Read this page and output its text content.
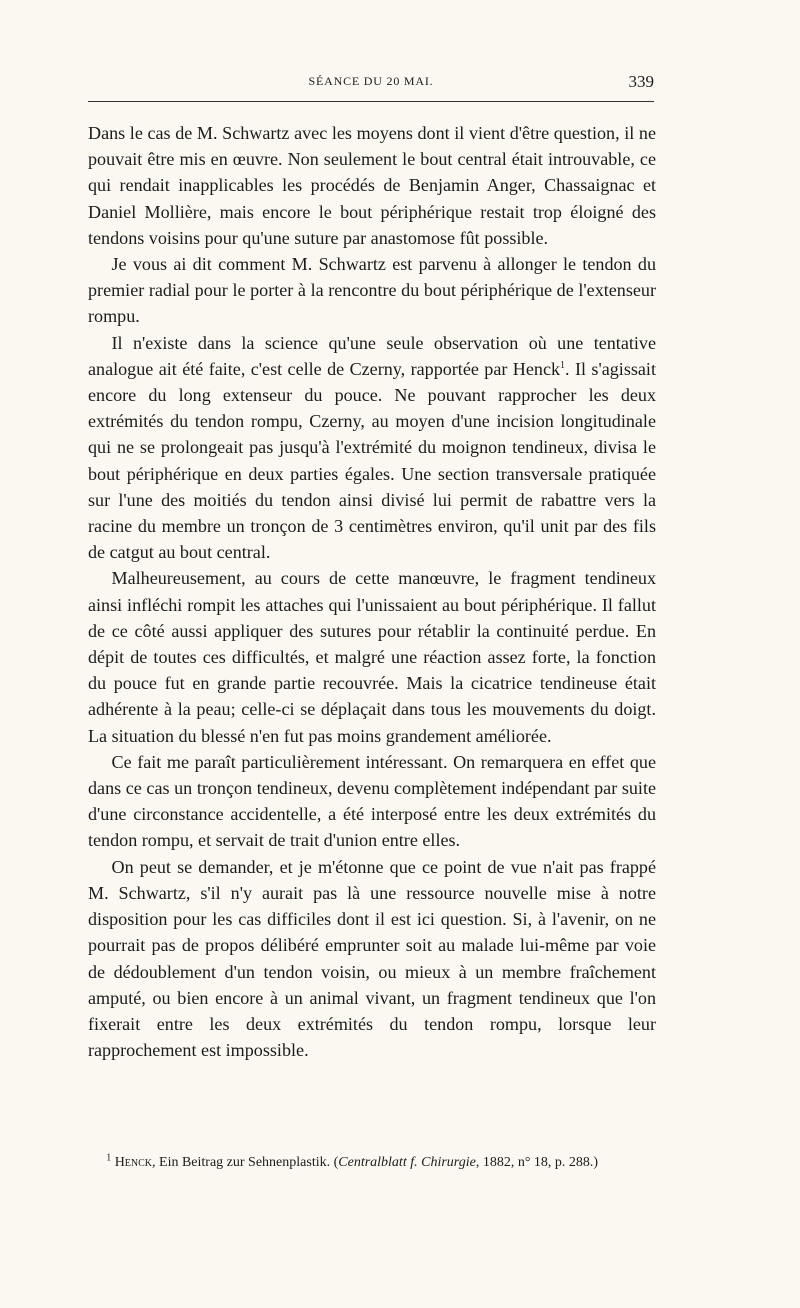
SÉANCE DU 20 MAI.	339

Dans le cas de M. Schwartz avec les moyens dont il vient d'être question, il ne pouvait être mis en œuvre. Non seulement le bout central était introuvable, ce qui rendait inapplicables les procédés de Benjamin Anger, Chassaignac et Daniel Mollière, mais encore le bout périphérique restait trop éloigné des tendons voisins pour qu'une suture par anastomose fût possible.

Je vous ai dit comment M. Schwartz est parvenu à allonger le tendon du premier radial pour le porter à la rencontre du bout périphérique de l'extenseur rompu.

Il n'existe dans la science qu'une seule observation où une tentative analogue ait été faite, c'est celle de Czerny, rapportée par Henck$^1$. Il s'agissait encore du long extenseur du pouce. Ne pouvant rapprocher les deux extrémités du tendon rompu, Czerny, au moyen d'une incision longitudinale qui ne se prolongeait pas jusqu'à l'extrémité du moignon tendineux, divisa le bout périphérique en deux parties égales. Une section transversale pratiquée sur l'une des moitiés du tendon ainsi divisé lui permit de rabattre vers la racine du membre un tronçon de 3 centimètres environ, qu'il unit par des fils de catgut au bout central.

Malheureusement, au cours de cette manœuvre, le fragment tendineux ainsi infléchi rompit les attaches qui l'unissaient au bout périphérique. Il fallut de ce côté aussi appliquer des sutures pour rétablir la continuité perdue. En dépit de toutes ces difficultés, et malgré une réaction assez forte, la fonction du pouce fut en grande partie recouvrée. Mais la cicatrice tendineuse était adhérente à la peau; celle-ci se déplaçait dans tous les mouvements du doigt. La situation du blessé n'en fut pas moins grandement améliorée.

Ce fait me paraît particulièrement intéressant. On remarquera en effet que dans ce cas un tronçon tendineux, devenu complètement indépendant par suite d'une circonstance accidentelle, a été interposé entre les deux extrémités du tendon rompu, et servait de trait d'union entre elles.

On peut se demander, et je m'étonne que ce point de vue n'ait pas frappé M. Schwartz, s'il n'y aurait pas là une ressource nouvelle mise à notre disposition pour les cas difficiles dont il est ici question. Si, à l'avenir, on ne pourrait pas de propos délibéré emprunter soit au malade lui-même par voie de dédoublement d'un tendon voisin, ou mieux à un membre fraîchement amputé, ou bien encore à un animal vivant, un fragment tendineux que l'on fixerait entre les deux extrémités du tendon rompu, lorsque leur rapprochement est impossible.

$^1$ Henck, Ein Beitrag zur Sehnenplastik. (Centralblatt f. Chirurgie, 1882, n° 18, p. 288.)
